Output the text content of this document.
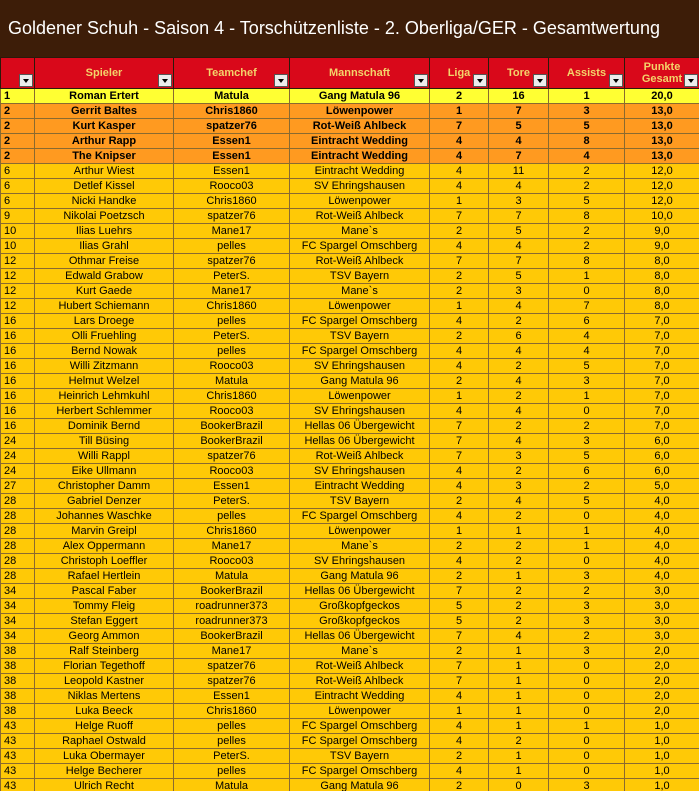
Goldener Schuh - Saison 4 - Torschützenliste - 2. Oberliga/GER - Gesamtwertung
	Spieler	Teamchef	Mannschaft	Liga	Tore	Assists	Punkte Gesamt

1	Roman Ertert	Matula	Gang Matula 96	2	16	1	20,0
2	Gerrit Baltes	Chris1860	Löwenpower	1	7	3	13,0
2	Kurt Kasper	spatzer76	Rot-Weiß Ahlbeck	7	5	5	13,0
2	Arthur Rapp	Essen1	Eintracht Wedding	4	4	8	13,0
2	The Knipser	Essen1	Eintracht Wedding	4	7	4	13,0
6	Arthur Wiest	Essen1	Eintracht Wedding	4	11	2	12,0
6	Detlef Kissel	Rooco03	SV Ehringshausen	4	4	2	12,0
6	Nicki Handke	Chris1860	Löwenpower	1	3	5	12,0
9	Nikolai Poetzsch	spatzer76	Rot-Weiß Ahlbeck	7	7	8	10,0
10	Ilias Luehrs	Mane17	Mane`s	2	5	2	9,0
10	Ilias Grahl	pelles	FC Spargel Omschberg	4	4	2	9,0
12	Othmar Freise	spatzer76	Rot-Weiß Ahlbeck	7	7	8	8,0
12	Edwald Grabow	PeterS.	TSV Bayern	2	5	1	8,0
12	Kurt Gaede	Mane17	Mane`s	2	3	0	8,0
12	Hubert Schiemann	Chris1860	Löwenpower	1	4	7	8,0
16	Lars Droege	pelles	FC Spargel Omschberg	4	2	6	7,0
16	Olli Fruehling	PeterS.	TSV Bayern	2	6	4	7,0
16	Bernd Nowak	pelles	FC Spargel Omschberg	4	4	4	7,0
16	Willi Zitzmann	Rooco03	SV Ehringshausen	4	2	5	7,0
16	Helmut Welzel	Matula	Gang Matula 96	2	4	3	7,0
16	Heinrich Lehmkuhl	Chris1860	Löwenpower	1	2	1	7,0
16	Herbert Schlemmer	Rooco03	SV Ehringshausen	4	4	0	7,0
16	Dominik Bernd	BookerBrazil	Hellas 06 Übergewicht	7	2	2	7,0
24	Till Büsing	BookerBrazil	Hellas 06 Übergewicht	7	4	3	6,0
24	Willi Rappl	spatzer76	Rot-Weiß Ahlbeck	7	3	5	6,0
24	Eike Ullmann	Rooco03	SV Ehringshausen	4	2	6	6,0
27	Christopher Damm	Essen1	Eintracht Wedding	4	3	2	5,0
28	Gabriel Denzer	PeterS.	TSV Bayern	2	4	5	4,0
28	Johannes Waschke	pelles	FC Spargel Omschberg	4	2	0	4,0
28	Marvin Greipl	Chris1860	Löwenpower	1	1	1	4,0
28	Alex Oppermann	Mane17	Mane`s	2	2	1	4,0
28	Christoph Loeffler	Rooco03	SV Ehringshausen	4	2	0	4,0
28	Rafael Hertlein	Matula	Gang Matula 96	2	1	3	4,0
34	Pascal Faber	BookerBrazil	Hellas 06 Übergewicht	7	2	2	3,0
34	Tommy Fleig	roadrunner373	Großkopfgeckos	5	2	3	3,0
34	Stefan Eggert	roadrunner373	Großkopfgeckos	5	2	3	3,0
34	Georg Ammon	BookerBrazil	Hellas 06 Übergewicht	7	4	2	3,0
38	Ralf Steinberg	Mane17	Mane`s	2	1	3	2,0
38	Florian Tegethoff	spatzer76	Rot-Weiß Ahlbeck	7	1	0	2,0
38	Leopold Kastner	spatzer76	Rot-Weiß Ahlbeck	7	1	0	2,0
38	Niklas Mertens	Essen1	Eintracht Wedding	4	1	0	2,0
38	Luka Beeck	Chris1860	Löwenpower	1	1	0	2,0
43	Helge Ruoff	pelles	FC Spargel Omschberg	4	1	1	1,0
43	Raphael Ostwald	pelles	FC Spargel Omschberg	4	2	0	1,0
43	Luka Obermayer	PeterS.	TSV Bayern	2	1	0	1,0
43	Helge Becherer	pelles	FC Spargel Omschberg	4	1	0	1,0
43	Ulrich Recht	Matula	Gang Matula 96	2	0	3	1,0
